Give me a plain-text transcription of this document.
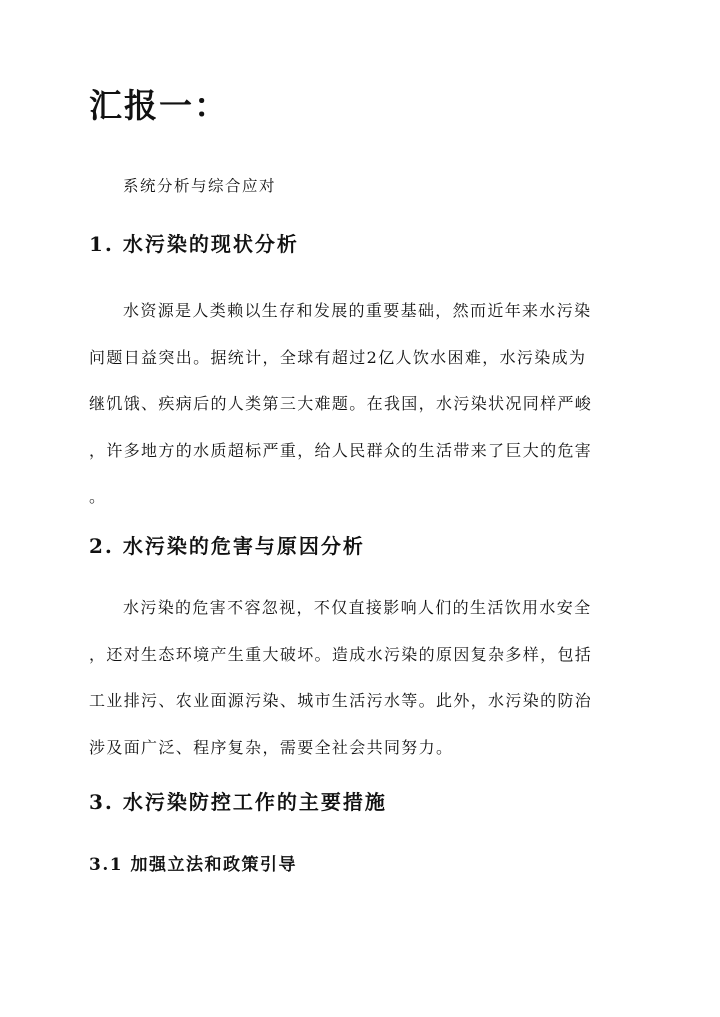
汇报一：
系统分析与综合应对
1. 水污染的现状分析
水资源是人类赖以生存和发展的重要基础，然而近年来水污染
问题日益突出。据统计，全球有超过2亿人饮水困难，水污染成为
继饥饿、疾病后的人类第三大难题。在我国，水污染状况同样严峻
，许多地方的水质超标严重，给人民群众的生活带来了巨大的危害
。
2. 水污染的危害与原因分析
水污染的危害不容忽视，不仅直接影响人们的生活饮用水安全
，还对生态环境产生重大破坏。造成水污染的原因复杂多样，包括
工业排污、农业面源污染、城市生活污水等。此外，水污染的防治
涉及面广泛、程序复杂，需要全社会共同努力。
3. 水污染防控工作的主要措施
3.1 加强立法和政策引导
